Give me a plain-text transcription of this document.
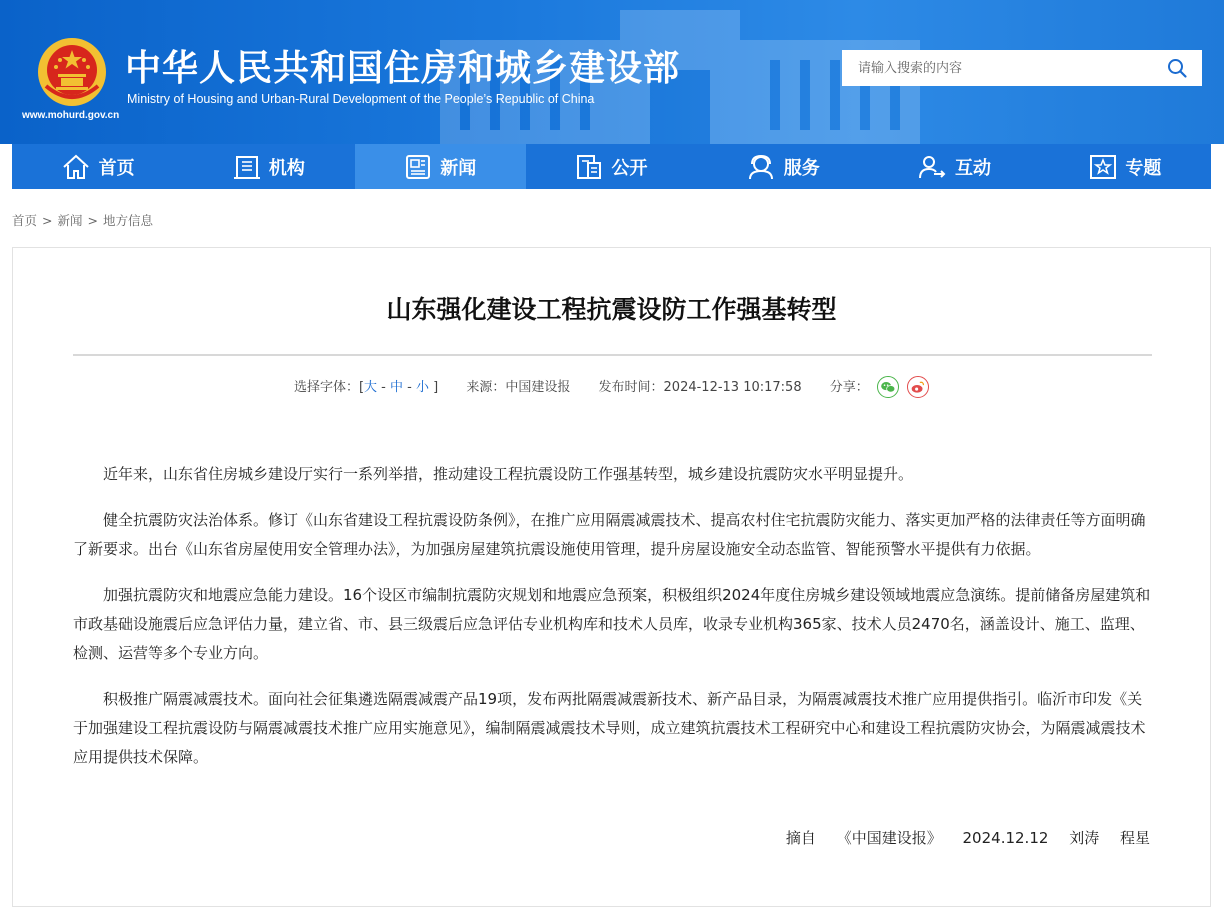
www.mohurd.gov.cn
中华人民共和国住房和城乡建设部
Ministry of Housing and Urban-Rural Development of the People’s Republic of China
请输入搜索的内容
首页	机构	新闻	公开	服务	互动	专题
首页 > 新闻 > 地方信息
山东强化建设工程抗震设防工作强基转型
选择字体：[大 - 中 - 小 ] 来源：中国建设报 发布时间：2024-12-13 10:17:58 分享：

近年来，山东省住房城乡建设厅实行一系列举措，推动建设工程抗震设防工作强基转型，城乡建设抗震防灾水平明显提升。

健全抗震防灾法治体系。修订《山东省建设工程抗震设防条例》，在推广应用隔震减震技术、提高农村住宅抗震防灾能力、落实更加严格的法律责任等方面明确了新要求。出台《山东省房屋使用安全管理办法》，为加强房屋建筑抗震设施使用管理，提升房屋设施安全动态监管、智能预警水平提供有力依据。

加强抗震防灾和地震应急能力建设。16个设区市编制抗震防灾规划和地震应急预案，积极组织2024年度住房城乡建设领域地震应急演练。提前储备房屋建筑和市政基础设施震后应急评估力量，建立省、市、县三级震后应急评估专业机构库和技术人员库，收录专业机构365家、技术人员2470名，涵盖设计、施工、监理、检测、运营等多个专业方向。

积极推广隔震减震技术。面向社会征集遴选隔震减震产品19项，发布两批隔震减震新技术、新产品目录，为隔震减震技术推广应用提供指引。临沂市印发《关于加强建设工程抗震设防与隔震减震技术推广应用实施意见》，编制隔震减震技术导则，成立建筑抗震技术工程研究中心和建设工程抗震防灾协会，为隔震减震技术应用提供技术保障。

摘自 《中国建设报》 2024.12.12 刘涛 程星
